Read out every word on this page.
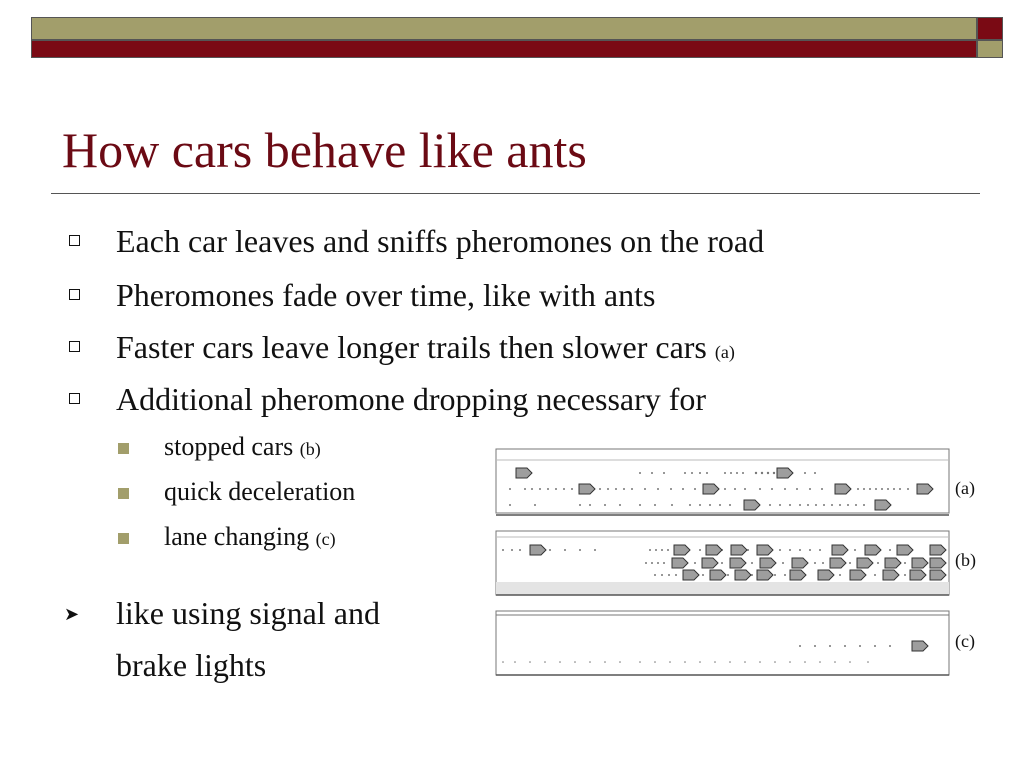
How cars behave like ants
Each car leaves and sniffs pheromones on the road
Pheromones fade over time, like with ants
Faster cars leave longer trails then slower cars (a)
Additional pheromone dropping necessary for
stopped cars (b)
quick deceleration
lane changing (c)
➤ like using signal and
brake lights
(a)
(b)
(c)
